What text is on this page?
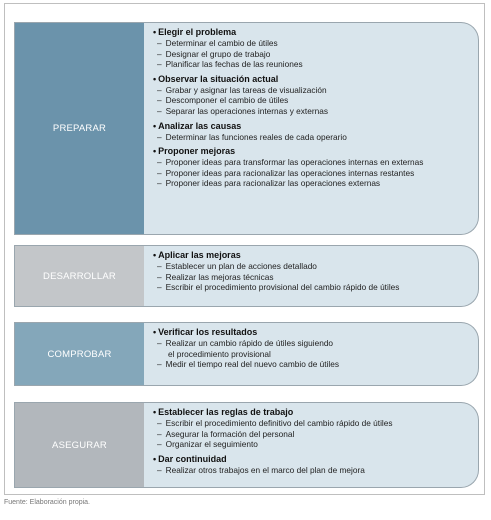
PREPARAR
• Elegir el problema
– Determinar el cambio de útiles
– Designar el grupo de trabajo
– Planificar las fechas de las reuniones
• Observar la situación actual
– Grabar y asignar las tareas de visualización
– Descomponer el cambio de útiles
– Separar las operaciones internas y externas
• Analizar las causas
– Determinar las funciones reales de cada operario
• Proponer mejoras
– Proponer ideas para transformar las operaciones internas en externas
– Proponer ideas para racionalizar las operaciones internas restantes
– Proponer ideas para racionalizar las operaciones externas
DESARROLLAR
• Aplicar las mejoras
– Establecer un plan de acciones detallado
– Realizar las mejoras técnicas
– Escribir el procedimiento provisional del cambio rápido de útiles
COMPROBAR
• Verificar los resultados
– Realizar un cambio rápido de útiles siguiendo
el procedimiento provisional
– Medir el tiempo real del nuevo cambio de útiles
ASEGURAR
• Establecer las reglas de trabajo
– Escribir el procedimiento definitivo del cambio rápido de útiles
– Asegurar la formación del personal
– Organizar el seguimiento
• Dar continuidad
– Realizar otros trabajos en el marco del plan de mejora
Fuente: Elaboración propia.
